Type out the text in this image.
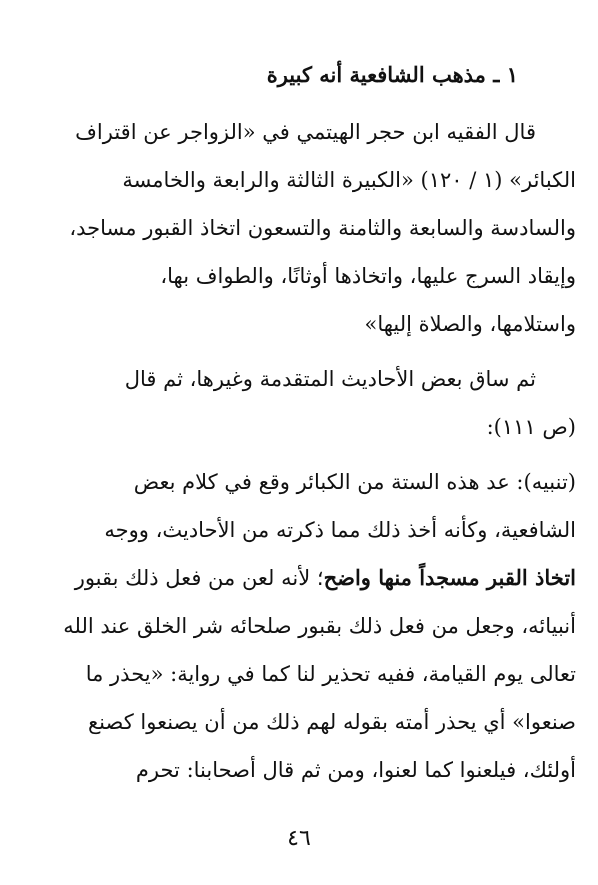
١ ـ مذهب الشافعية أنه كبيرة
قال الفقيه ابن حجر الهيتمي في «الزواجر عن اقتراف
الكبائر» (١ / ١٢٠) «الكبيرة الثالثة والرابعة والخامسة
والسادسة والسابعة والثامنة والتسعون اتخاذ القبور مساجد،
وإيقاد السرج عليها، واتخاذها أوثانًا، والطواف بها،
واستلامها، والصلاة إليها»
ثم ساق بعض الأحاديث المتقدمة وغيرها، ثم قال
(ص ١١١):
(تنبيه): عد هذه الستة من الكبائر وقع في كلام بعض
الشافعية، وكأنه أخذ ذلك مما ذكرته من الأحاديث، ووجه
اتخاذ القبر مسجداً منها واضح؛ لأنه لعن من فعل ذلك بقبور
أنبيائه، وجعل من فعل ذلك بقبور صلحائه شر الخلق عند الله
تعالى يوم القيامة، ففيه تحذير لنا كما في رواية: «يحذر ما
صنعوا» أي يحذر أمته بقوله لهم ذلك من أن يصنعوا كصنع
أولئك، فيلعنوا كما لعنوا، ومن ثم قال أصحابنا: تحرم
٤٦
